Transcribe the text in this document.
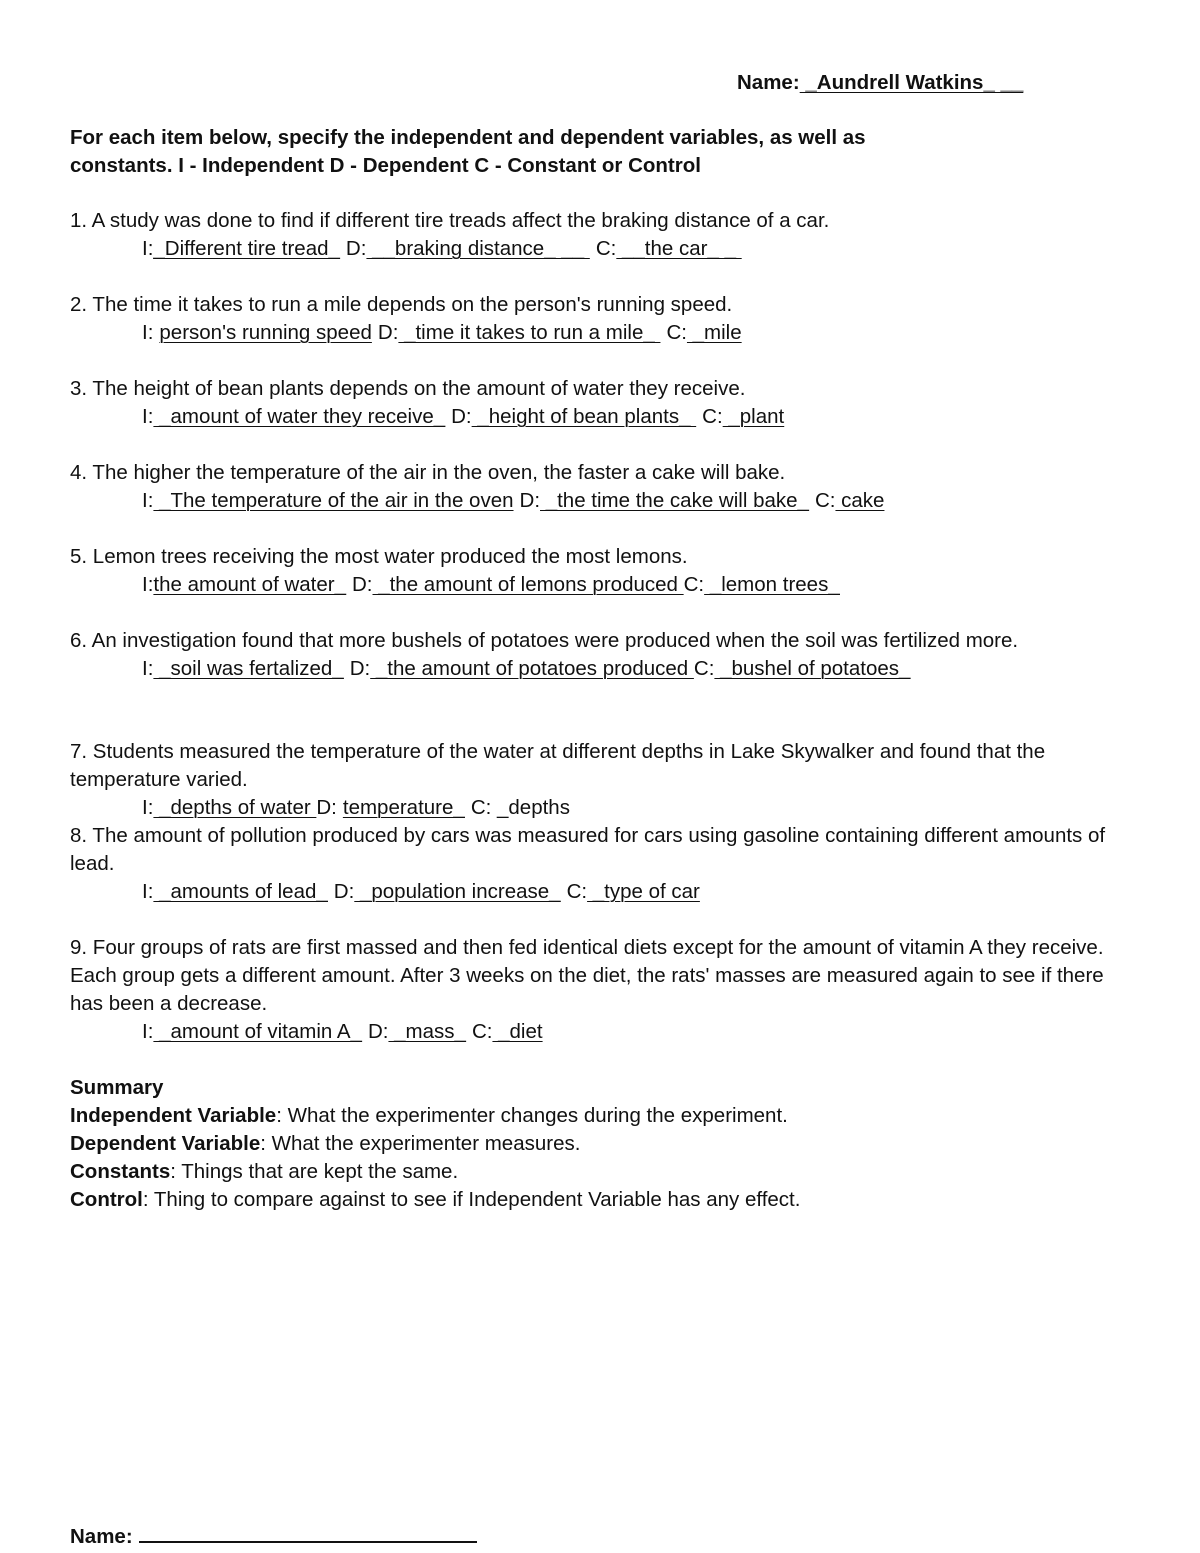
Name: _Aundrell Watkins_ __
For each item below, specify the independent and dependent variables, as well as
constants. I - Independent D - Dependent C - Constant or Control
1. A study was done to find if different tire treads affect the braking distance of a car.
I:_Different tire tread_ D: __braking distance_ __ C: __the car_ _
2. The time it takes to run a mile depends on the person's running speed.
I: person's running speed D: _time it takes to run a mile_ C: _mile
3. The height of bean plants depends on the amount of water they receive.
I: _amount of water they receive_ D: _height of bean plants_ C: _plant
4. The higher the temperature of the air in the oven, the faster a cake will bake.
I: _The temperature of the air in the oven D: _the time the cake will bake_ C: cake
5. Lemon trees receiving the most water produced the most lemons.
I:the amount of water_ D: _the amount of lemons produced C: _lemon trees_
6. An investigation found that more bushels of potatoes were produced when the soil was fertilized more.
I: _soil was fertalized_ D: _the amount of potatoes produced C: _bushel of potatoes_
7. Students measured the temperature of the water at different depths in Lake Skywalker and found that the temperature varied.
I: _depths of water D: temperature_ C: _depths
8. The amount of pollution produced by cars was measured for cars using gasoline containing different amounts of lead.
I: _amounts of lead_ D: _population increase_ C: _type of car
9. Four groups of rats are first massed and then fed identical diets except for the amount of vitamin A they receive. Each group gets a different amount. After 3 weeks on the diet, the rats' masses are measured again to see if there has been a decrease.
I: _amount of vitamin A_ D: _mass_ C: _diet
Summary
Independent Variable: What the experimenter changes during the experiment.
Dependent Variable: What the experimenter measures.
Constants: Things that are kept the same.
Control: Thing to compare against to see if Independent Variable has any effect.
Name:
